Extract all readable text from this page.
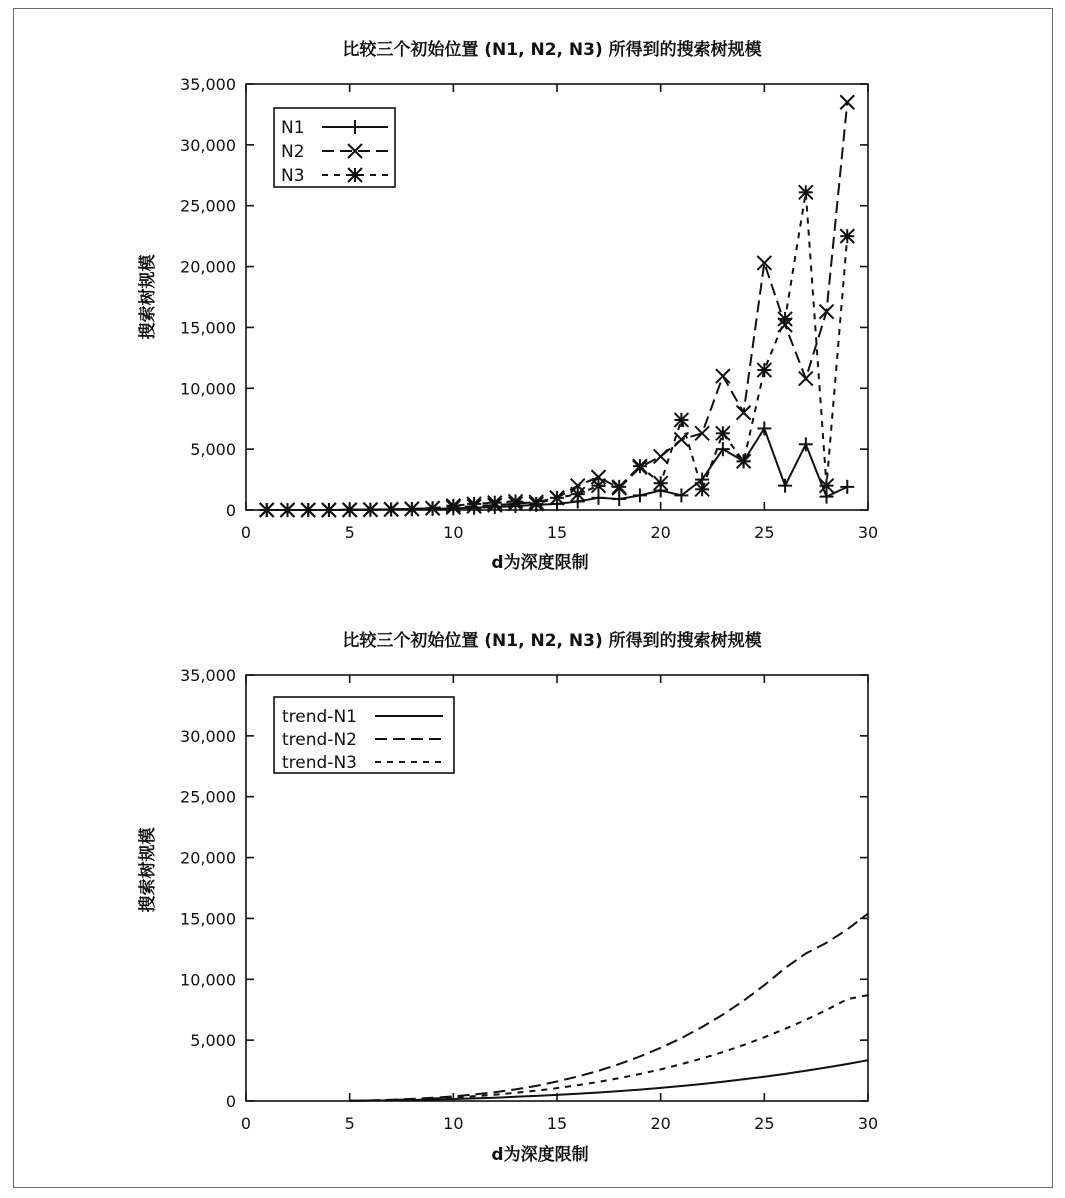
比较三个初始位置 (N1, N2, N3) 所得到的搜索树规模
0	5	10	15	20	25	30
0
5,000
10,000
15,000
20,000
25,000
30,000
35,000
d为深度限制
搜索树规模
N1
N2
N3
比较三个初始位置 (N1, N2, N3) 所得到的搜索树规模
0	5	10	15	20	25	30
0
5,000
10,000
15,000
20,000
25,000
30,000
35,000
d为深度限制
搜索树规模
trend-N1
trend-N2
trend-N3
